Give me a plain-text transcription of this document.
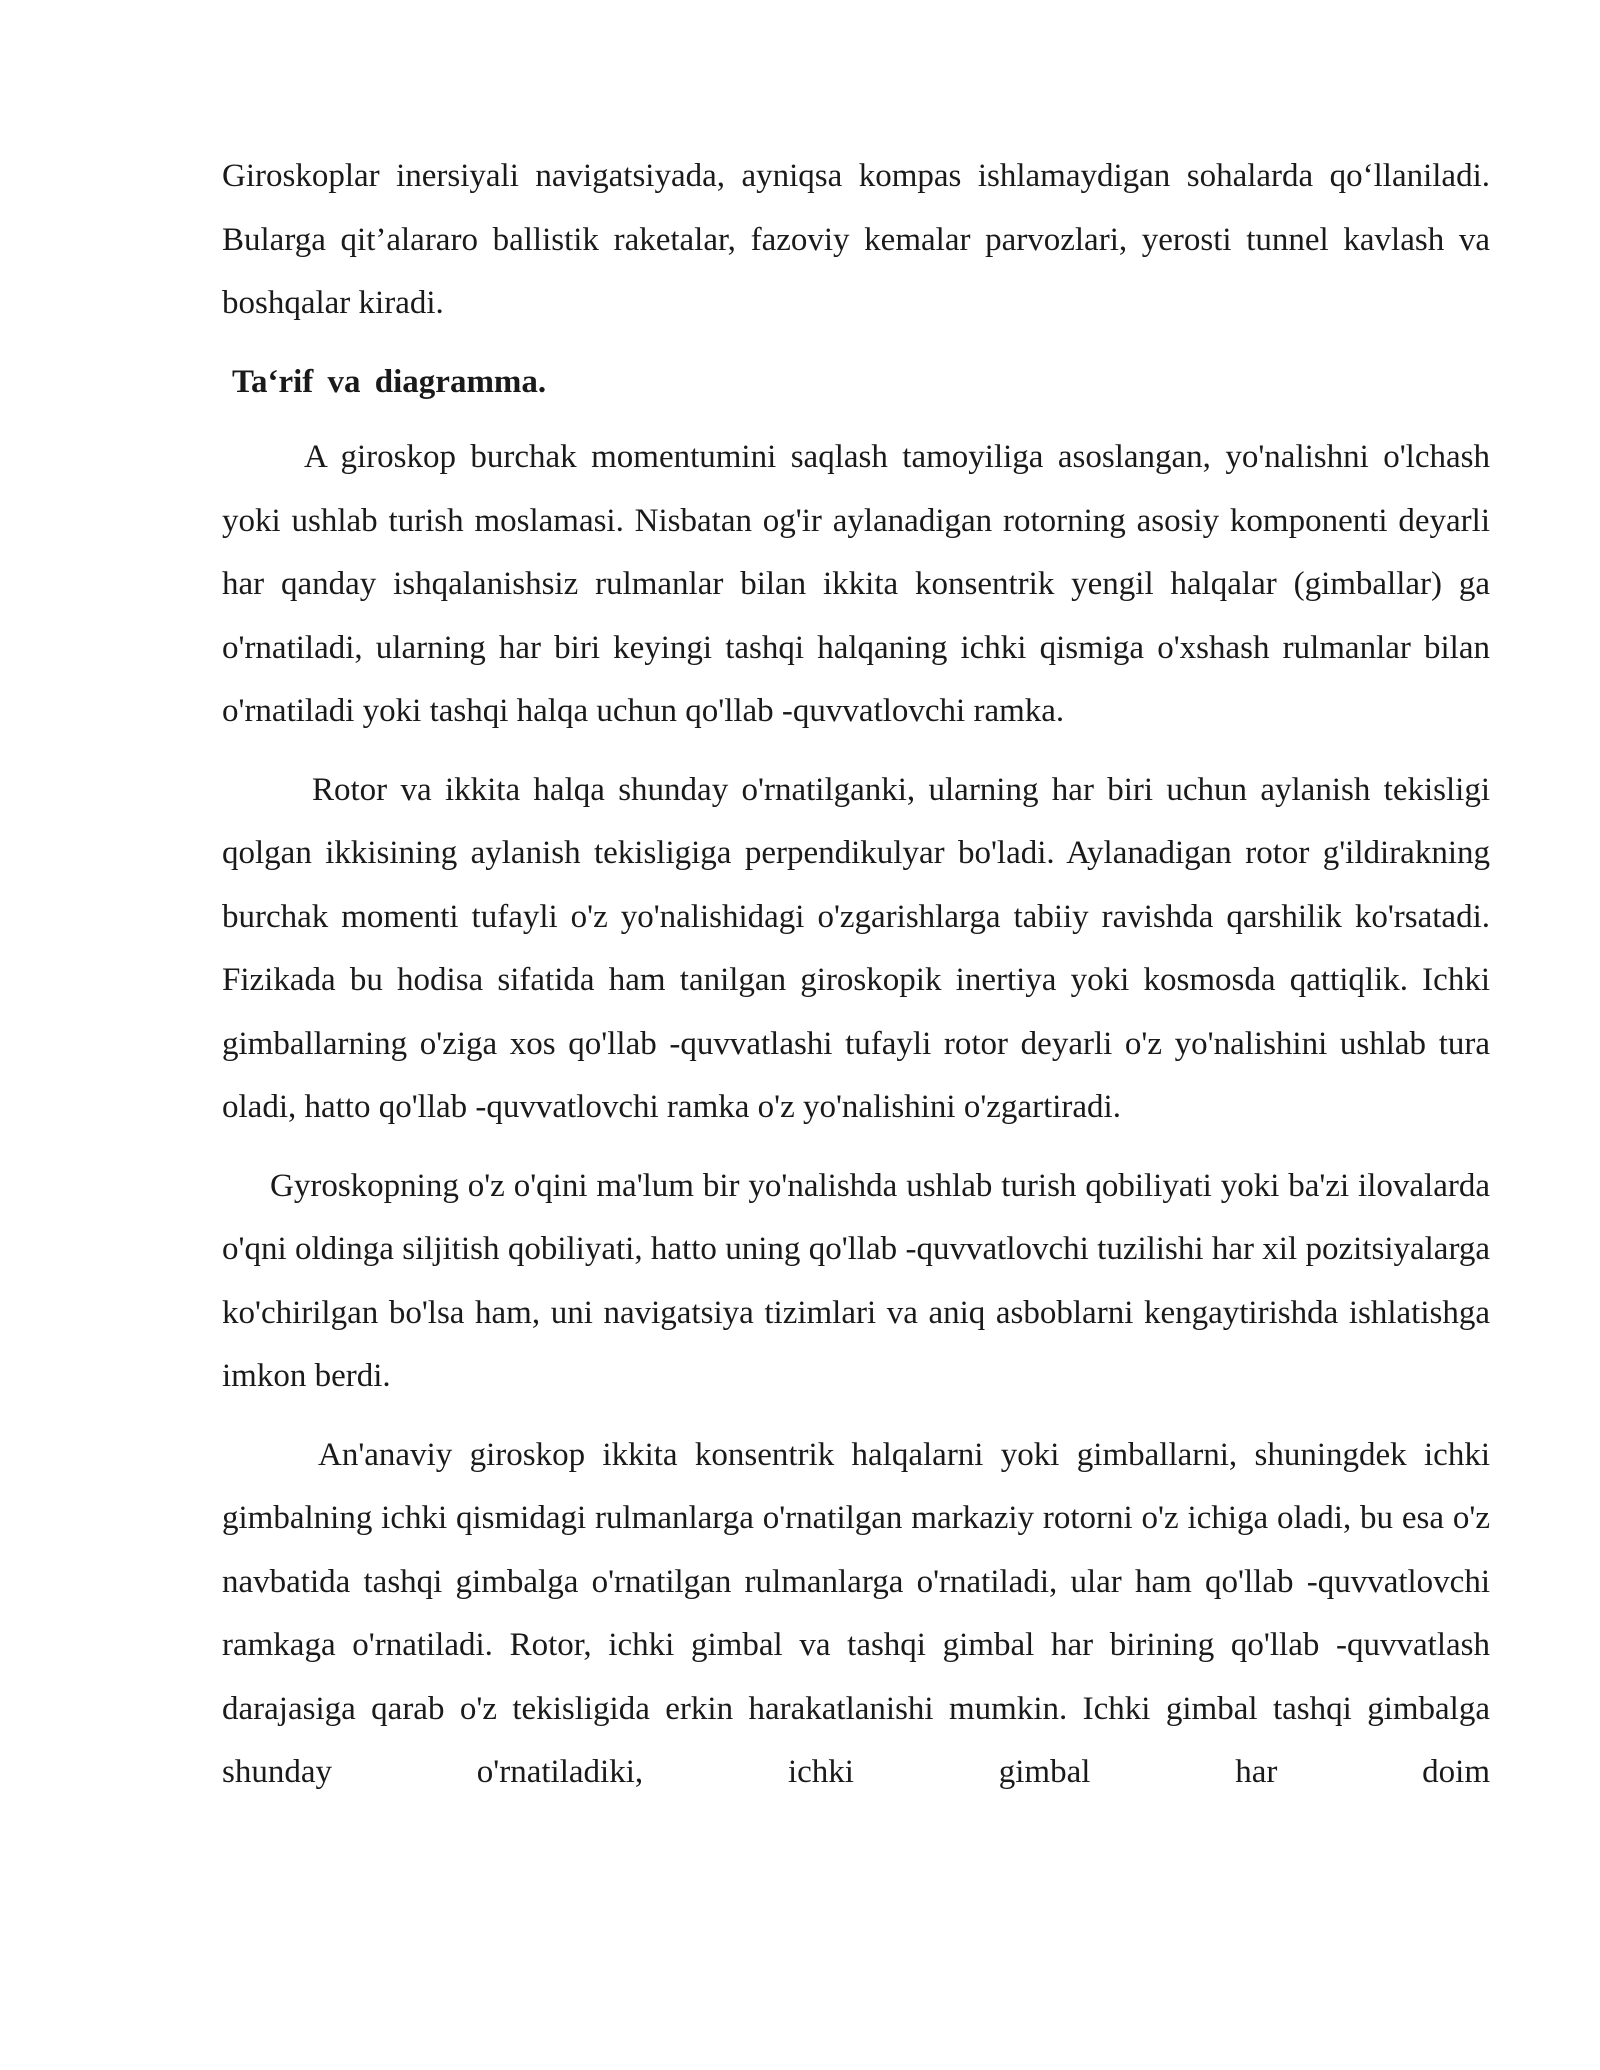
Giroskoplar inersiyali navigatsiyada, ayniqsa kompas ishlamaydigan sohalarda qo‘llaniladi. Bularga qit’alararo ballistik raketalar, fazoviy kemalar parvozlari, yerosti tunnel kavlash va boshqalar kiradi.

Ta‘rif va diagramma.

A giroskop burchak momentumini saqlash tamoyiliga asoslangan, yo'nalishni o'lchash yoki ushlab turish moslamasi. Nisbatan og'ir aylanadigan rotorning asosiy komponenti deyarli har qanday ishqalanishsiz rulmanlar bilan ikkita konsentrik yengil halqalar (gimballar) ga o'rnatiladi, ularning har biri keyingi tashqi halqaning ichki qismiga o'xshash rulmanlar bilan o'rnatiladi yoki tashqi halqa uchun qo'llab -quvvatlovchi ramka.

Rotor va ikkita halqa shunday o'rnatilganki, ularning har biri uchun aylanish tekisligi qolgan ikkisining aylanish tekisligiga perpendikulyar bo'ladi. Aylanadigan rotor g'ildirakning burchak momenti tufayli o'z yo'nalishidagi o'zgarishlarga tabiiy ravishda qarshilik ko'rsatadi. Fizikada bu hodisa sifatida ham tanilgan giroskopik inertiya yoki kosmosda qattiqlik. Ichki gimballarning o'ziga xos qo'llab -quvvatlashi tufayli rotor deyarli o'z yo'nalishini ushlab tura oladi, hatto qo'llab -quvvatlovchi ramka o'z yo'nalishini o'zgartiradi.

Gyroskopning o'z o'qini ma'lum bir yo'nalishda ushlab turish qobiliyati yoki ba'zi ilovalarda o'qni oldinga siljitish qobiliyati, hatto uning qo'llab -quvvatlovchi tuzilishi har xil pozitsiyalarga ko'chirilgan bo'lsa ham, uni navigatsiya tizimlari va aniq asboblarni kengaytirishda ishlatishga imkon berdi.

An'anaviy giroskop ikkita konsentrik halqalarni yoki gimballarni, shuningdek ichki gimbalning ichki qismidagi rulmanlarga o'rnatilgan markaziy rotorni o'z ichiga oladi, bu esa o'z navbatida tashqi gimbalga o'rnatilgan rulmanlarga o'rnatiladi, ular ham qo'llab -quvvatlovchi ramkaga o'rnatiladi. Rotor, ichki gimbal va tashqi gimbal har birining qo'llab -quvvatlash darajasiga qarab o'z tekisligida erkin harakatlanishi mumkin. Ichki gimbal tashqi gimbalga shunday o'rnatiladiki, ichki gimbal har doim
